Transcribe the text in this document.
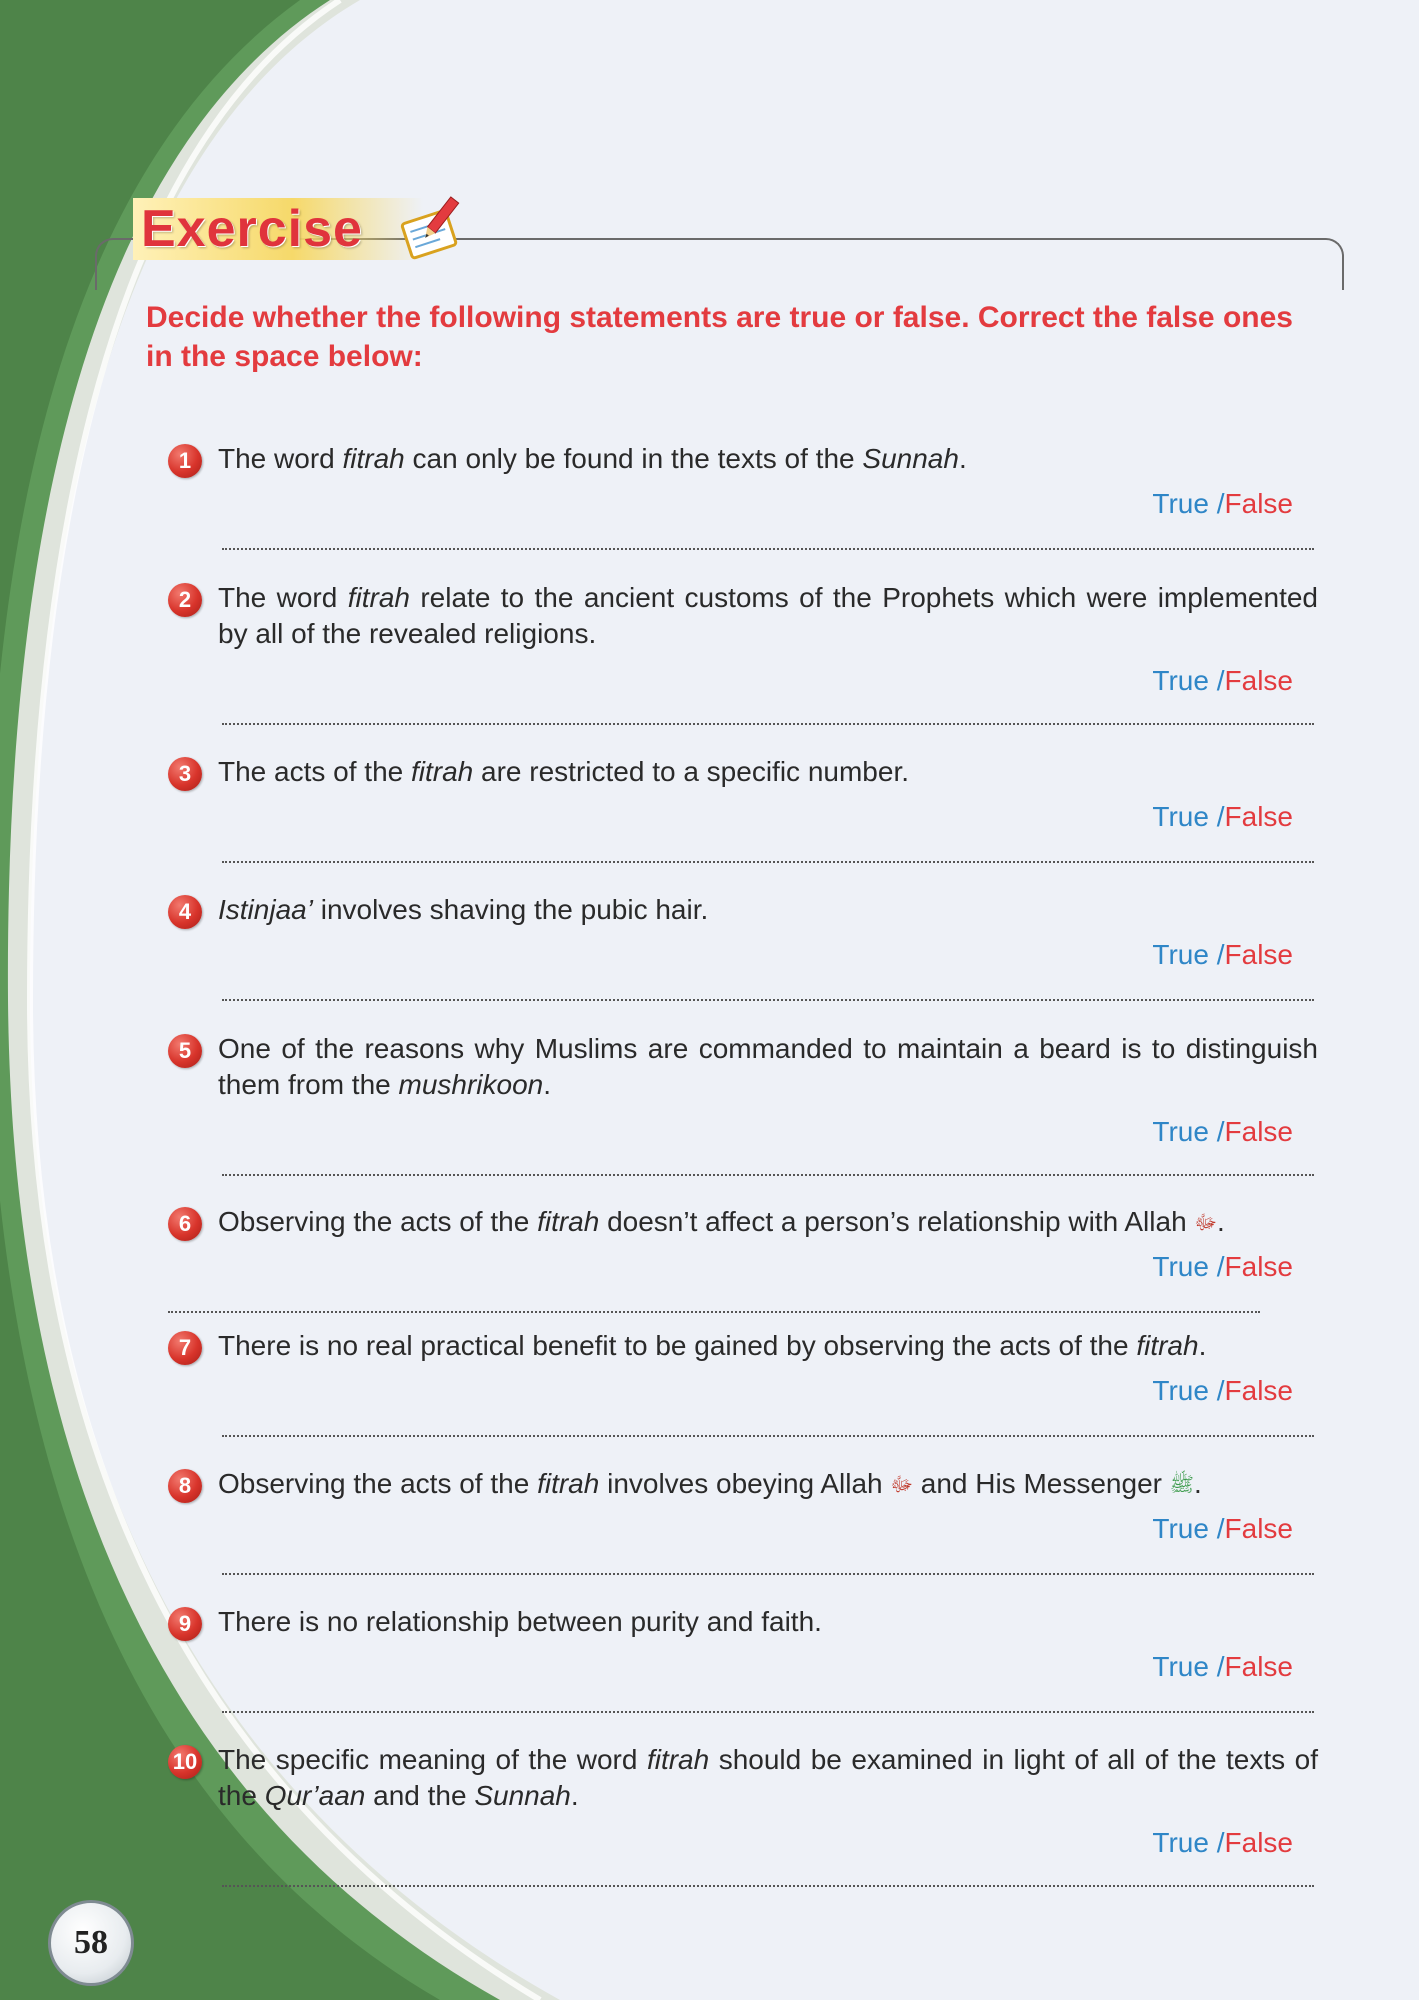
Exercise
Decide whether the following statements are true or false. Correct the false ones in the space below:
1 The word fitrah can only be found in the texts of the Sunnah.
True /False
2 The word fitrah relate to the ancient customs of the Prophets which were implemented by all of the revealed religions.
True /False
3 The acts of the fitrah are restricted to a specific number.
True /False
4 Istinjaa’ involves shaving the pubic hair.
True /False
5 One of the reasons why Muslims are commanded to maintain a beard is to distinguish them from the mushrikoon.
True /False
6 Observing the acts of the fitrah doesn’t affect a person’s relationship with Allah ﷻ.
True /False
7 There is no real practical benefit to be gained by observing the acts of the fitrah.
True /False
8 Observing the acts of the fitrah involves obeying Allah ﷻ and His Messenger ﷺ.
True /False
9 There is no relationship between purity and faith.
True /False
10 The specific meaning of the word fitrah should be examined in light of all of the texts of the Qur’aan and the Sunnah.
True /False
58
